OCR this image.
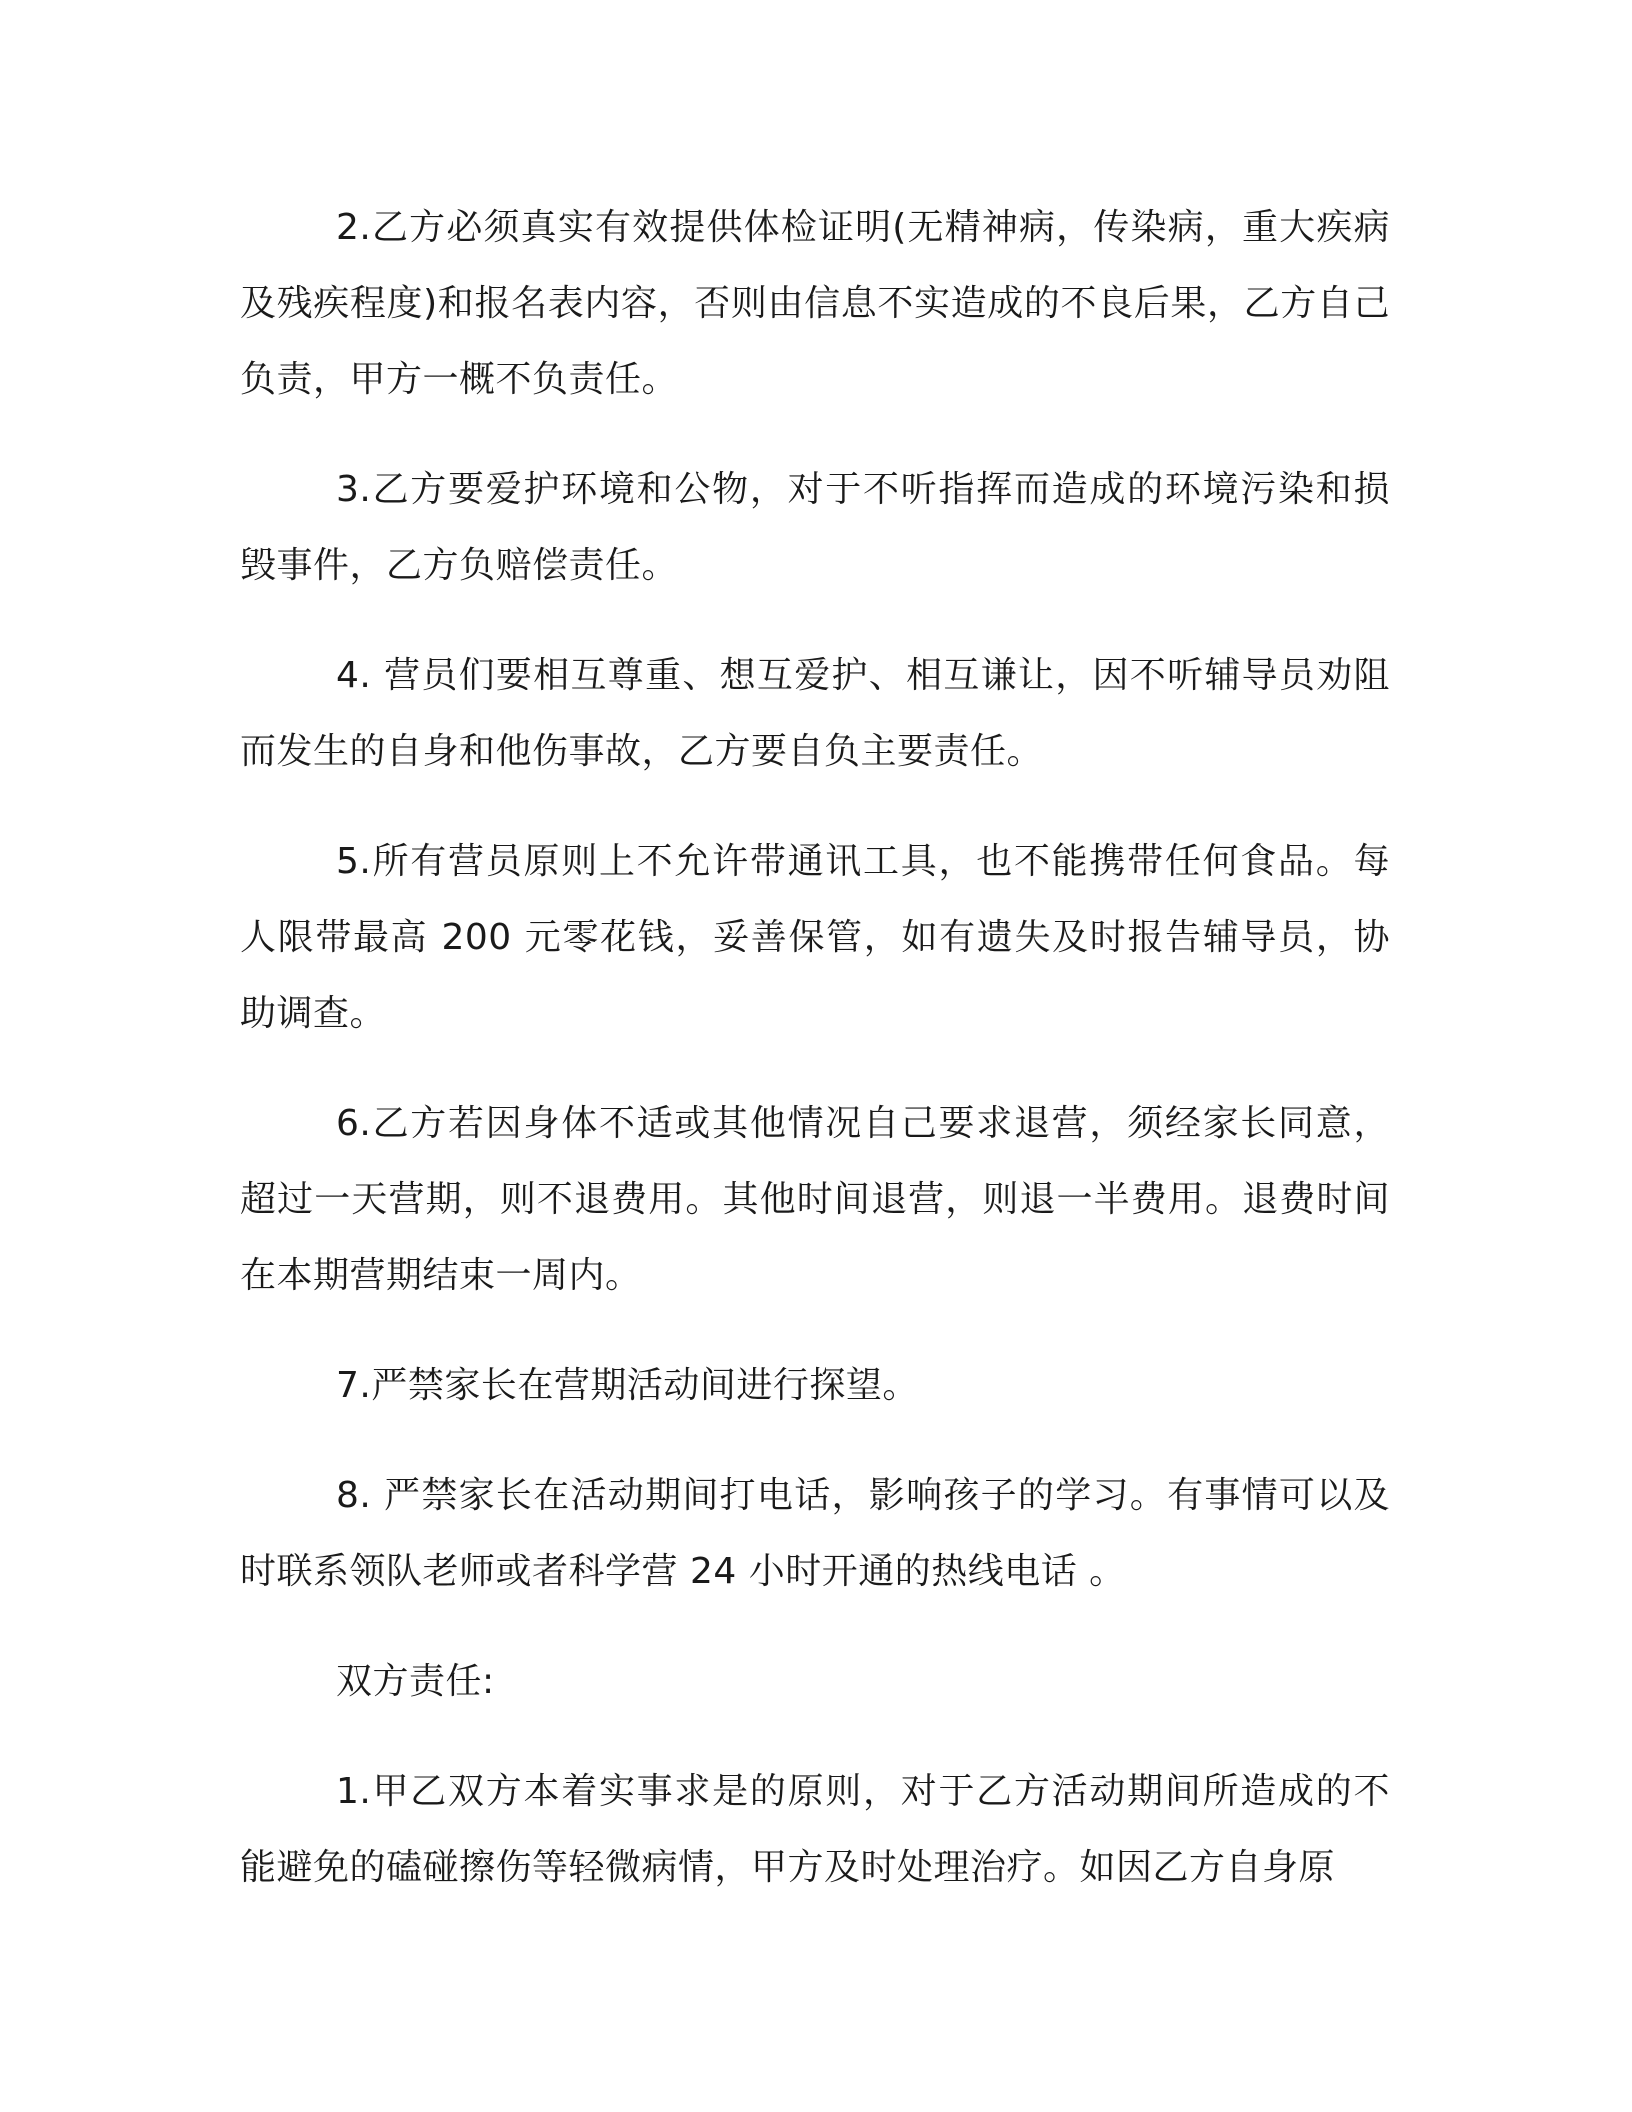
2.乙方必须真实有效提供体检证明(无精神病，传染病，重大疾病及残疾程度)和报名表内容，否则由信息不实造成的不良后果，乙方自己负责，甲方一概不负责任。

3.乙方要爱护环境和公物，对于不听指挥而造成的环境污染和损毁事件，乙方负赔偿责任。

4. 营员们要相互尊重、想互爱护、相互谦让，因不听辅导员劝阻而发生的自身和他伤事故，乙方要自负主要责任。

5.所有营员原则上不允许带通讯工具，也不能携带任何食品。每人限带最高 200 元零花钱，妥善保管，如有遗失及时报告辅导员，协助调查。

6.乙方若因身体不适或其他情况自己要求退营，须经家长同意，超过一天营期，则不退费用。其他时间退营，则退一半费用。退费时间在本期营期结束一周内。

7.严禁家长在营期活动间进行探望。

8. 严禁家长在活动期间打电话，影响孩子的学习。有事情可以及时联系领队老师或者科学营 24 小时开通的热线电话 。

双方责任:

1.甲乙双方本着实事求是的原则，对于乙方活动期间所造成的不能避免的磕碰擦伤等轻微病情，甲方及时处理治疗。如因乙方自身原
